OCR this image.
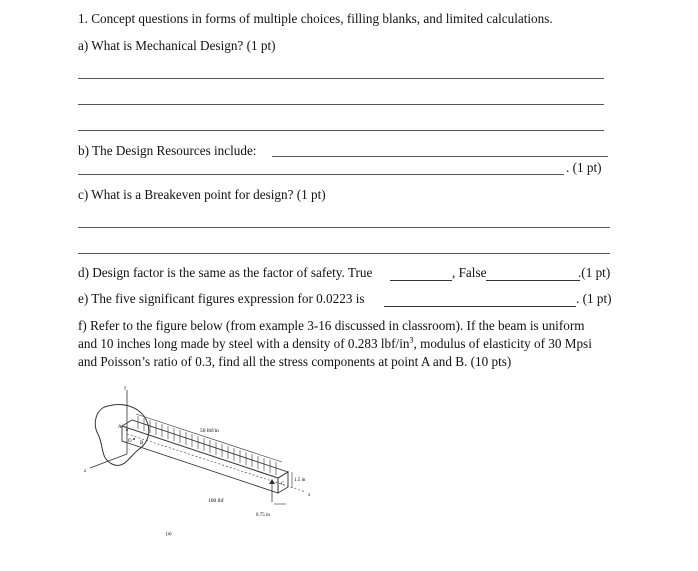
1. Concept questions in forms of multiple choices, filling blanks, and limited calculations.
a) What is Mechanical Design? (1 pt)
b) The Design Resources include:
. (1 pt)
c) What is a Breakeven point for design? (1 pt)
d) Design factor is the same as the factor of safety. True	, False	.(1 pt)
e) The five significant figures expression for 0.0223 is	. (1 pt)
f) Refer to the figure below (from example 3-16 discussed in classroom). If the beam is uniform
and 10 inches long made by steel with a density of 0.283 lbf/$in^3$, modulus of elasticity of 30 Mpsi
and Poisson’s ratio of 0.3, find all the stress components at point A and B. (10 pts)
y
z
x
50 lbf/in
100 lbf
1.5 in
0.75 in
A
B
C
O
(a)
